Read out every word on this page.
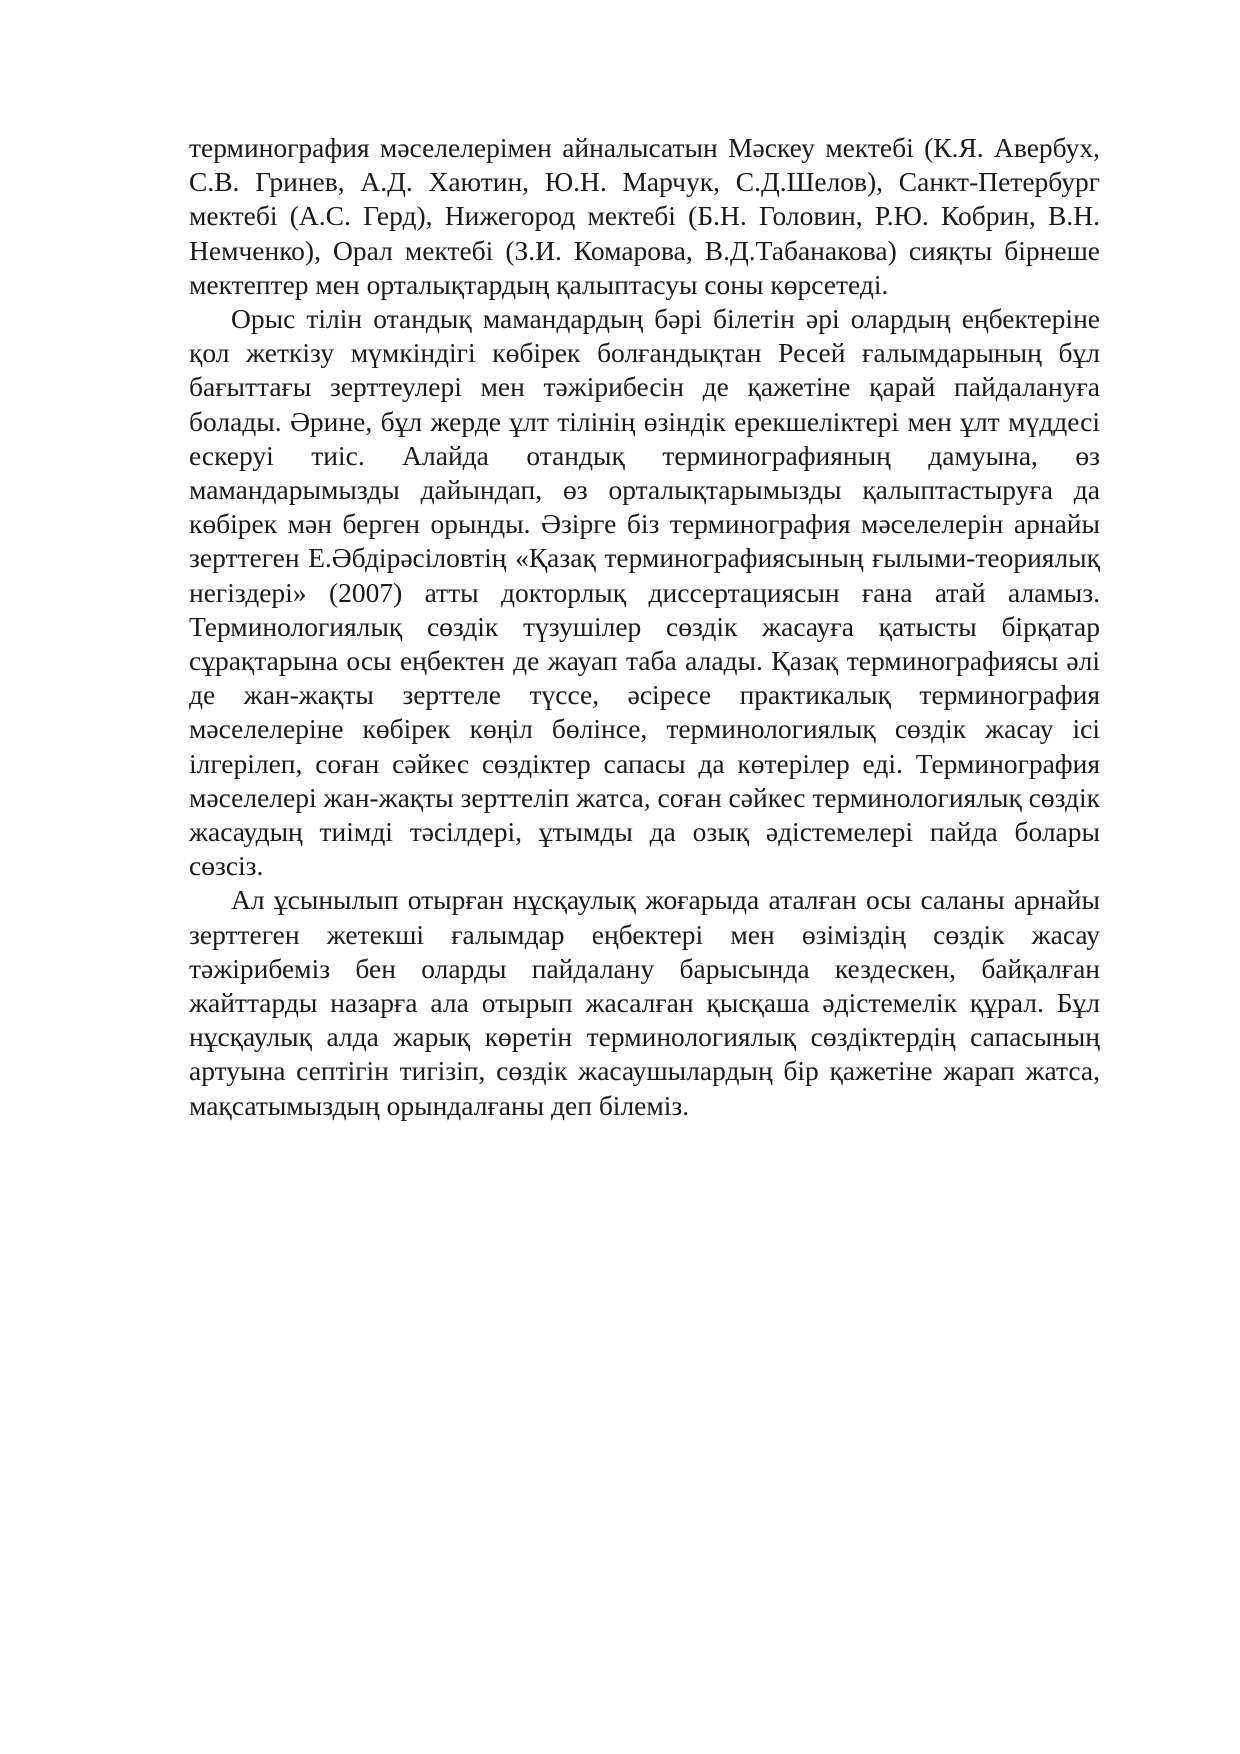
терминография мәселелерімен айналысатын Мәскеу мектебі (К.Я. Авербух, С.В. Гринев, А.Д. Хаютин, Ю.Н. Марчук, С.Д.Шелов), Санкт-Петербург мектебі (А.С. Герд), Нижегород мектебі (Б.Н. Головин, Р.Ю. Кобрин, В.Н. Немченко), Орал мектебі (З.И. Комарова, В.Д.Табанакова) сияқты бірнеше мектептер мен орталықтардың қалыптасуы соны көрсетеді.

Орыс тілін отандық мамандардың бәрі білетін әрі олардың еңбектеріне қол жеткізу мүмкіндігі көбірек болғандықтан Ресей ғалымдарының бұл бағыттағы зерттеулері мен тәжірибесін де қажетіне қарай пайдалануға болады. Әрине, бұл жерде ұлт тілінің өзіндік ерекшеліктері мен ұлт мүддесі ескеруі тиіс. Алайда отандық терминографияның дамуына, өз мамандарымызды дайындап, өз орталықтарымызды қалыптастыруға да көбірек мән берген орынды. Әзірге біз терминография мәселелерін арнайы зерттеген Е.Әбдірәсіловтің «Қазақ терминографиясының ғылыми-теориялық негіздері» (2007) атты докторлық диссертациясын ғана атай аламыз. Терминологиялық сөздік түзушілер сөздік жасауға қатысты бірқатар сұрақтарына осы еңбектен де жауап таба алады. Қазақ терминографиясы әлі де жан-жақты зерттеле түссе, әсіресе практикалық терминография мәселелеріне көбірек көңіл бөлінсе, терминологиялық сөздік жасау ісі ілгерілеп, соған сәйкес сөздіктер сапасы да көтерілер еді. Терминография мәселелері жан-жақты зерттеліп жатса, соған сәйкес терминологиялық сөздік жасаудың тиімді тәсілдері, ұтымды да озық әдістемелері пайда болары сөзсіз.

Ал ұсынылып отырған нұсқаулық жоғарыда аталған осы саланы арнайы зерттеген жетекші ғалымдар еңбектері мен өзіміздің сөздік жасау тәжірибеміз бен оларды пайдалану барысында кездескен, байқалған жайттарды назарға ала отырып жасалған қысқаша әдістемелік құрал. Бұл нұсқаулық алда жарық көретін терминологиялық сөздіктердің сапасының артуына септігін тигізіп, сөздік жасаушылардың бір қажетіне жарап жатса, мақсатымыздың орындалғаны деп білеміз.
